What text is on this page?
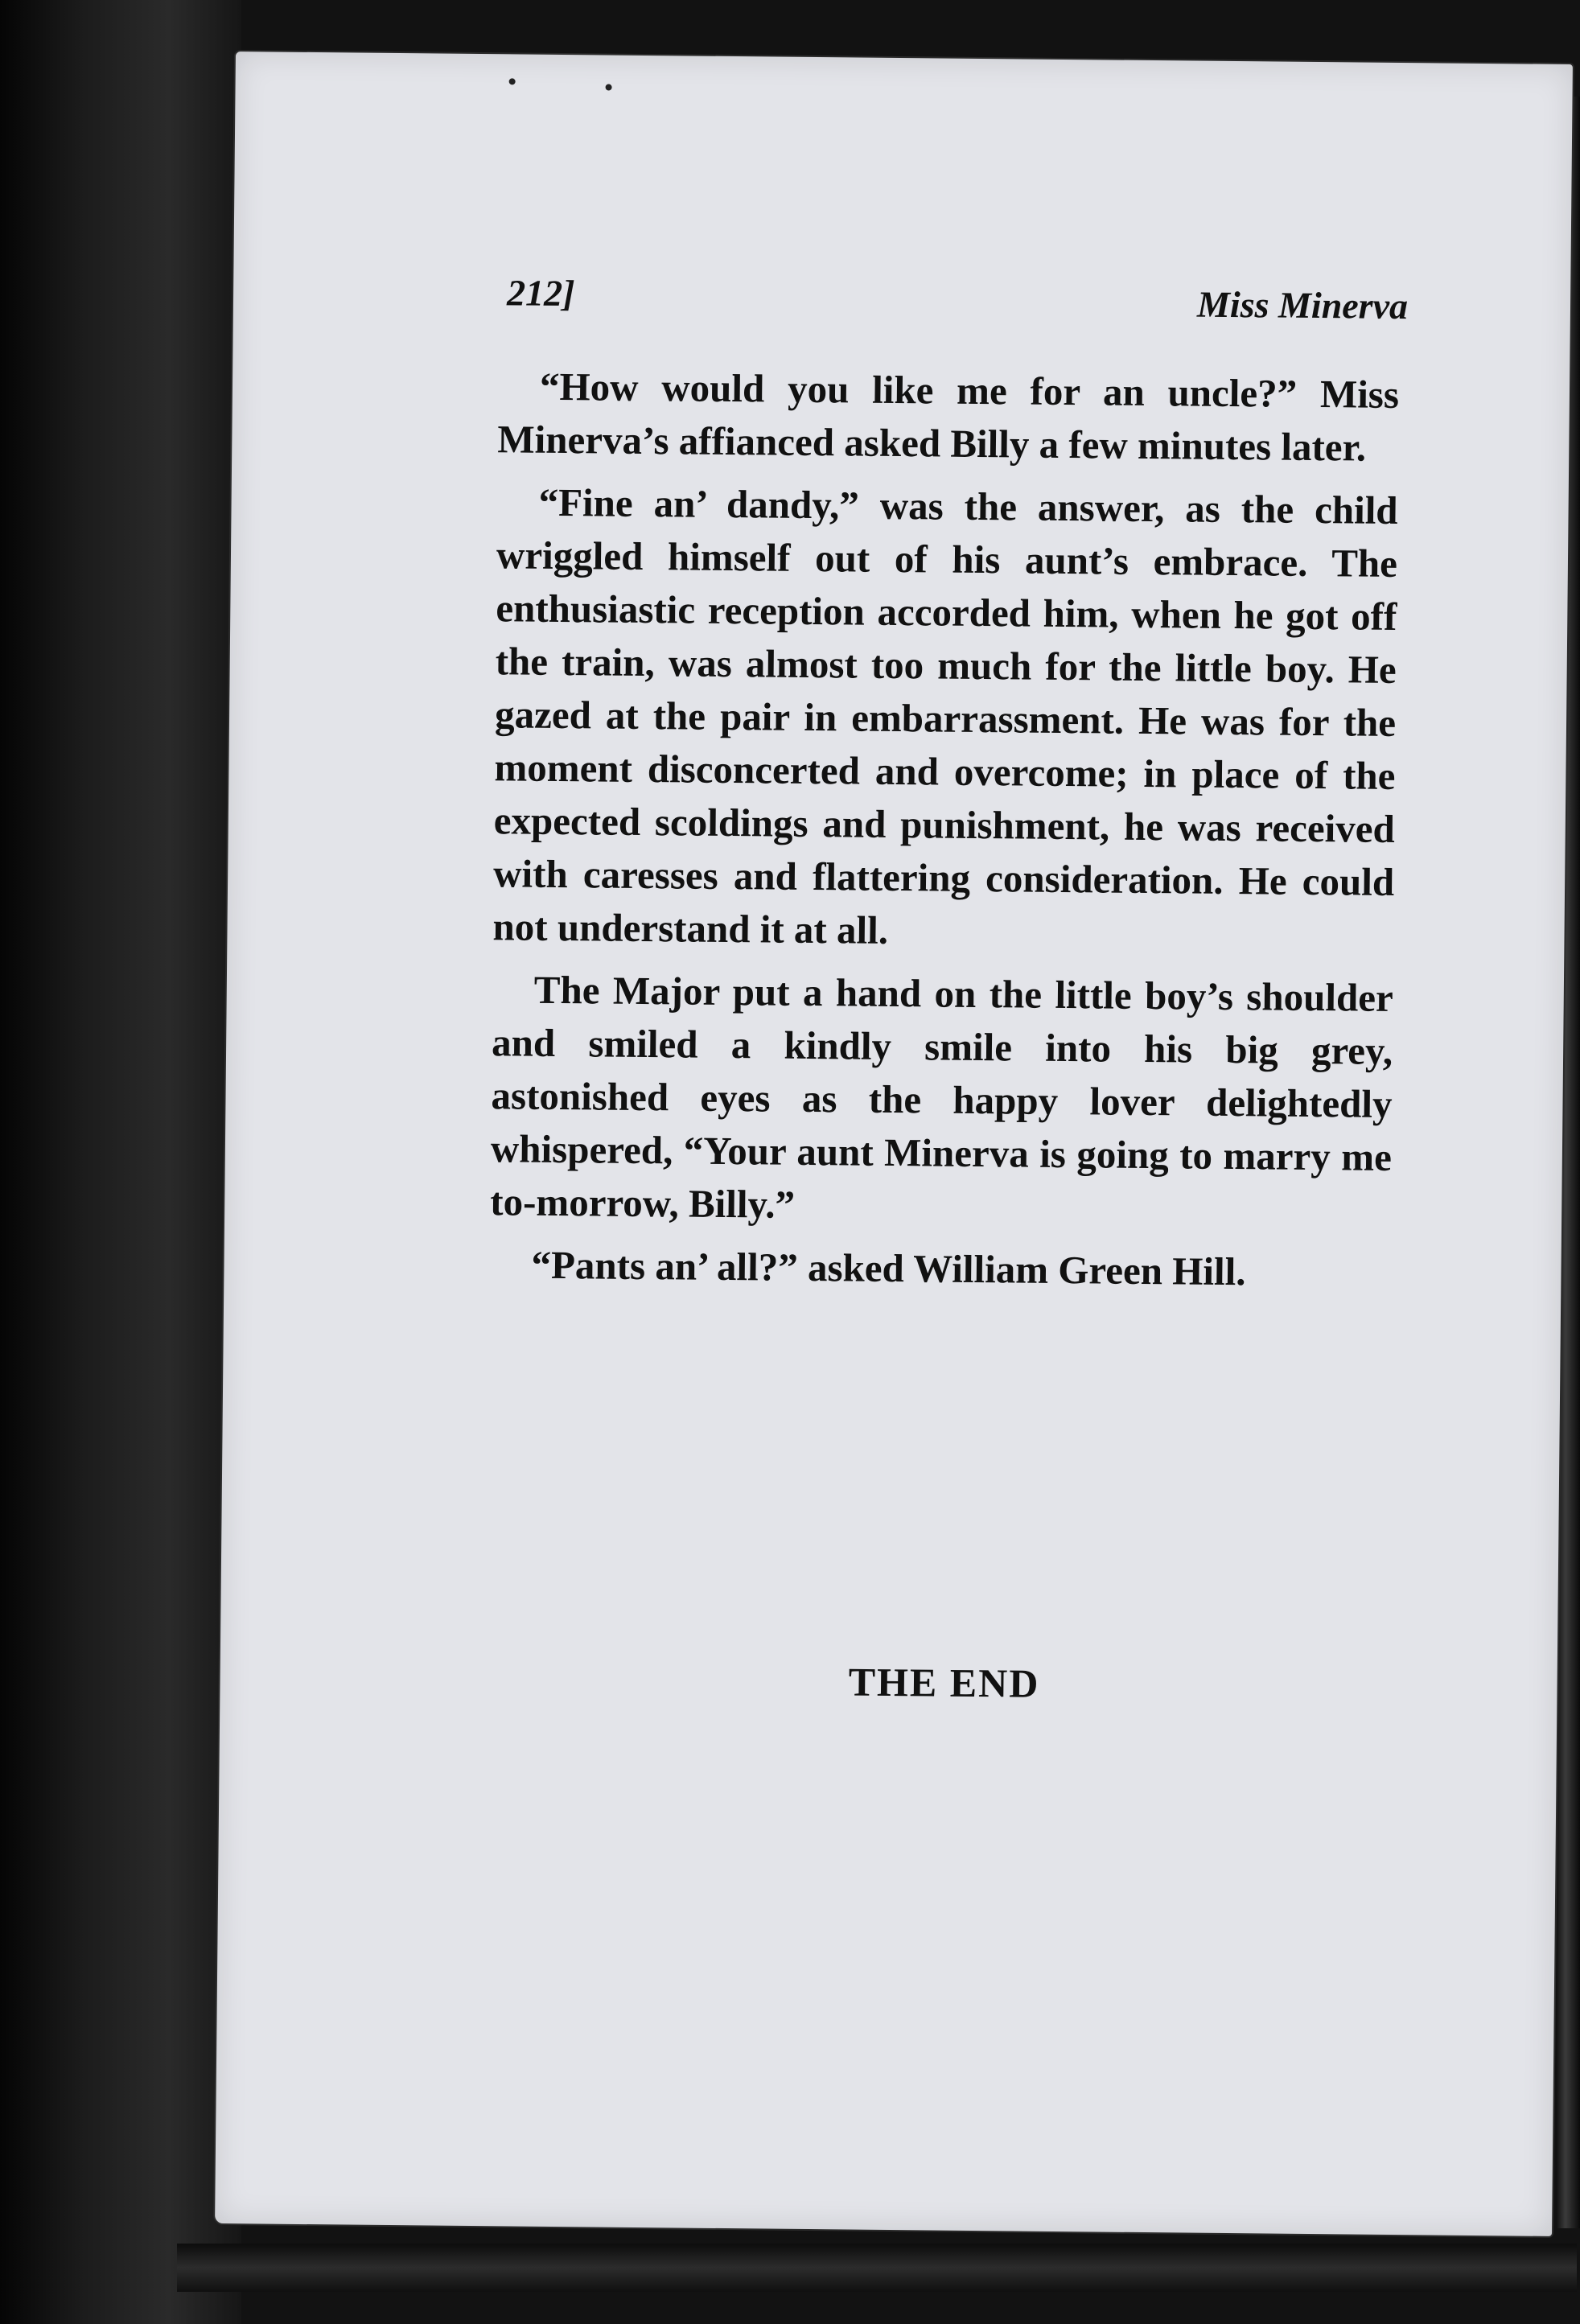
212]	Miss Minerva

“How would you like me for an uncle?” Miss Minerva’s affianced asked Billy a few minutes later.

“Fine an’ dandy,” was the answer, as the child wriggled himself out of his aunt’s embrace. The enthusiastic reception accorded him, when he got off the train, was almost too much for the little boy. He gazed at the pair in embarrassment. He was for the moment disconcerted and overcome; in place of the expected scoldings and punishment, he was received with caresses and flattering consideration. He could not understand it at all.

The Major put a hand on the little boy’s shoulder and smiled a kindly smile into his big grey, astonished eyes as the happy lover delightedly whispered, “Your aunt Minerva is going to marry me to-morrow, Billy.”

“Pants an’ all?” asked William Green Hill.

THE END
